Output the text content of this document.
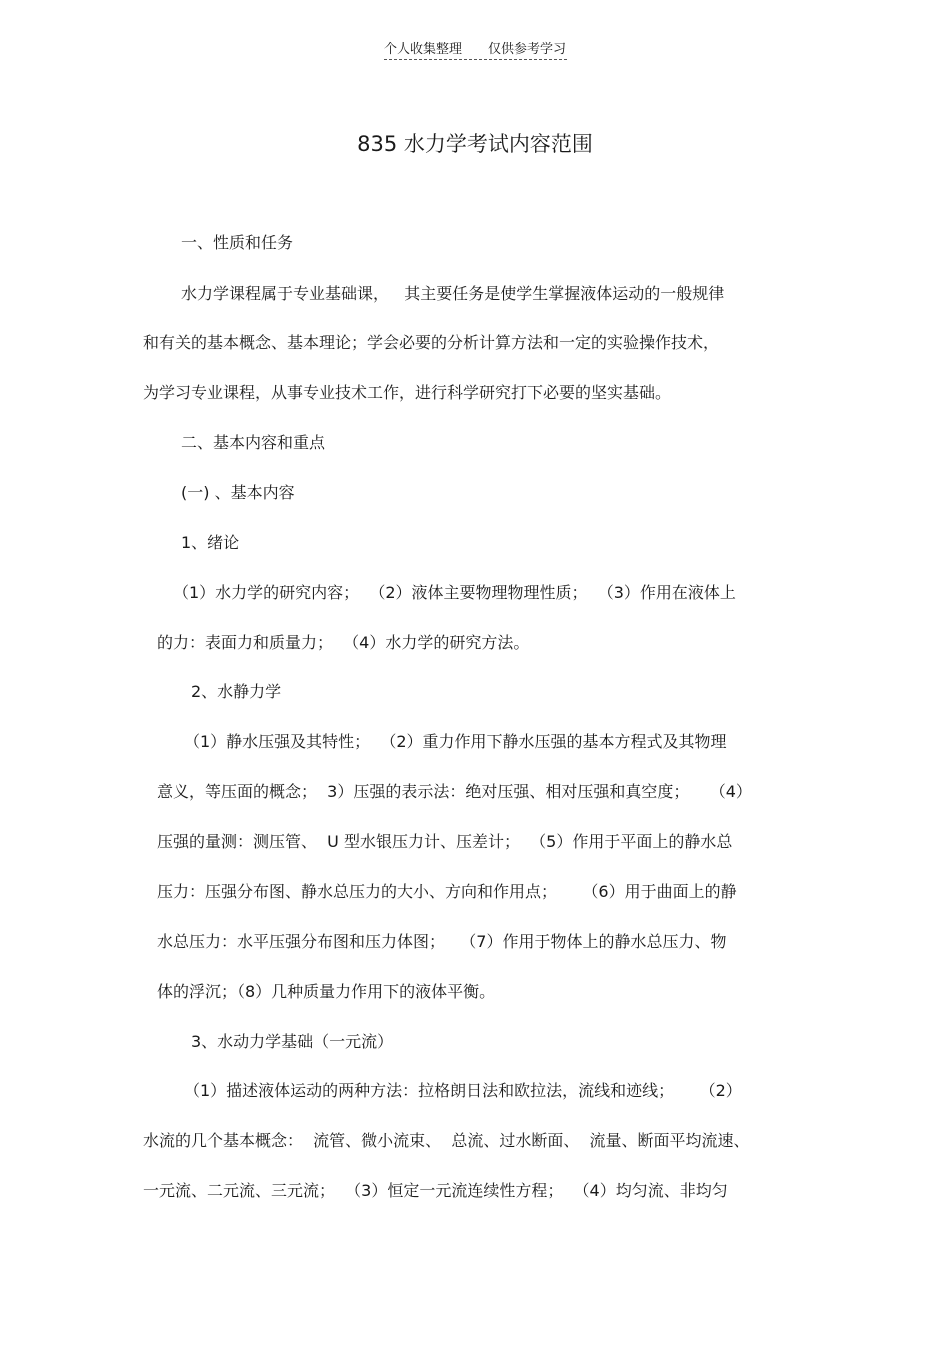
个人收集整理 仅供参考学习
835 水力学考试内容范围
一、性质和任务
水力学课程属于专业基础课，   其主要任务是使学生掌握液体运动的一般规律
和有关的基本概念、基本理论；学会必要的分析计算方法和一定的实验操作技术，
为学习专业课程，从事专业技术工作，进行科学研究打下必要的坚实基础。
二、基本内容和重点
(一) 、基本内容
1、绪论
（1）水力学的研究内容；  （2）液体主要物理物理性质；  （3）作用在液体上
的力：表面力和质量力；  （4）水力学的研究方法。
2、水静力学
（1）静水压强及其特性；  （2）重力作用下静水压强的基本方程式及其物理
意义，等压面的概念；  3）压强的表示法：绝对压强、相对压强和真空度；    （4）
压强的量测：测压管、  U 型水银压力计、压差计；  （5）作用于平面上的静水总
压力：压强分布图、静水总压力的大小、方向和作用点；     （6）用于曲面上的静
水总压力：水平压强分布图和压力体图；   （7）作用于物体上的静水总压力、物
体的浮沉；（8）几种质量力作用下的液体平衡。
3、水动力学基础（一元流）
（1）描述液体运动的两种方法：拉格朗日法和欧拉法，流线和迹线；     （2）
水流的几个基本概念：  流管、微小流束、  总流、过水断面、  流量、断面平均流速、
一元流、二元流、三元流；  （3）恒定一元流连续性方程；  （4）均匀流、非均匀
